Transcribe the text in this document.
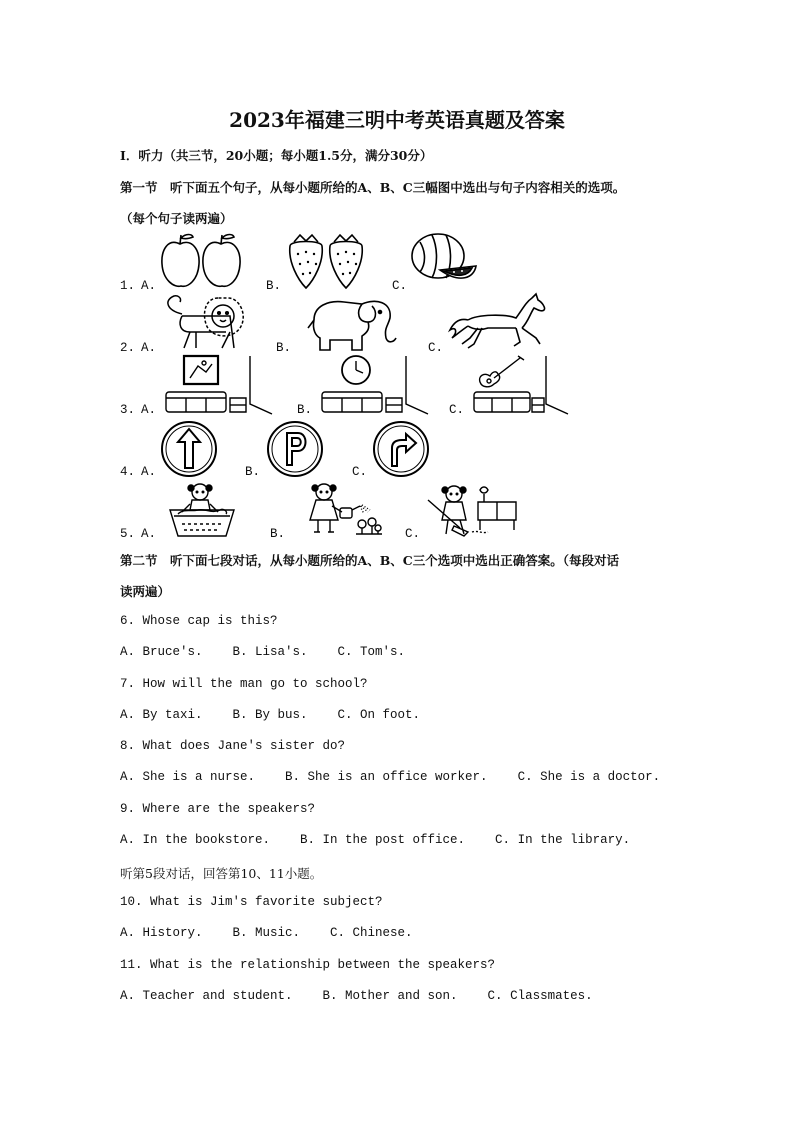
2023年福建三明中考英语真题及答案
Ⅰ．听力（共三节，20小题；每小题1.5分，满分30分）
第一节　听下面五个句子，从每小题所给的A、B、C三幅图中选出与句子内容相关的选项。
（每个句子读两遍）
1. A.	B.	C.
2. A.	B.	C.
3. A.	B.	C.
4. A.	B.	C.
5. A.	B.	C.
第二节　听下面七段对话，从每小题所给的A、B、C三个选项中选出正确答案。（每段对话
读两遍）
6. Whose cap is this?
A. Bruce's.    B. Lisa's.    C. Tom's.
7. How will the man go to school?
A. By taxi.    B. By bus.    C. On foot.
8. What does Jane's sister do?
A. She is a nurse.    B. She is an office worker.    C. She is a doctor.
9. Where are the speakers?
A. In the bookstore.    B. In the post office.    C. In the library.
听第5段对话，回答第10、11小题。
10. What is Jim's favorite subject?
A. History.    B. Music.    C. Chinese.
11. What is the relationship between the speakers?
A. Teacher and student.    B. Mother and son.    C. Classmates.
